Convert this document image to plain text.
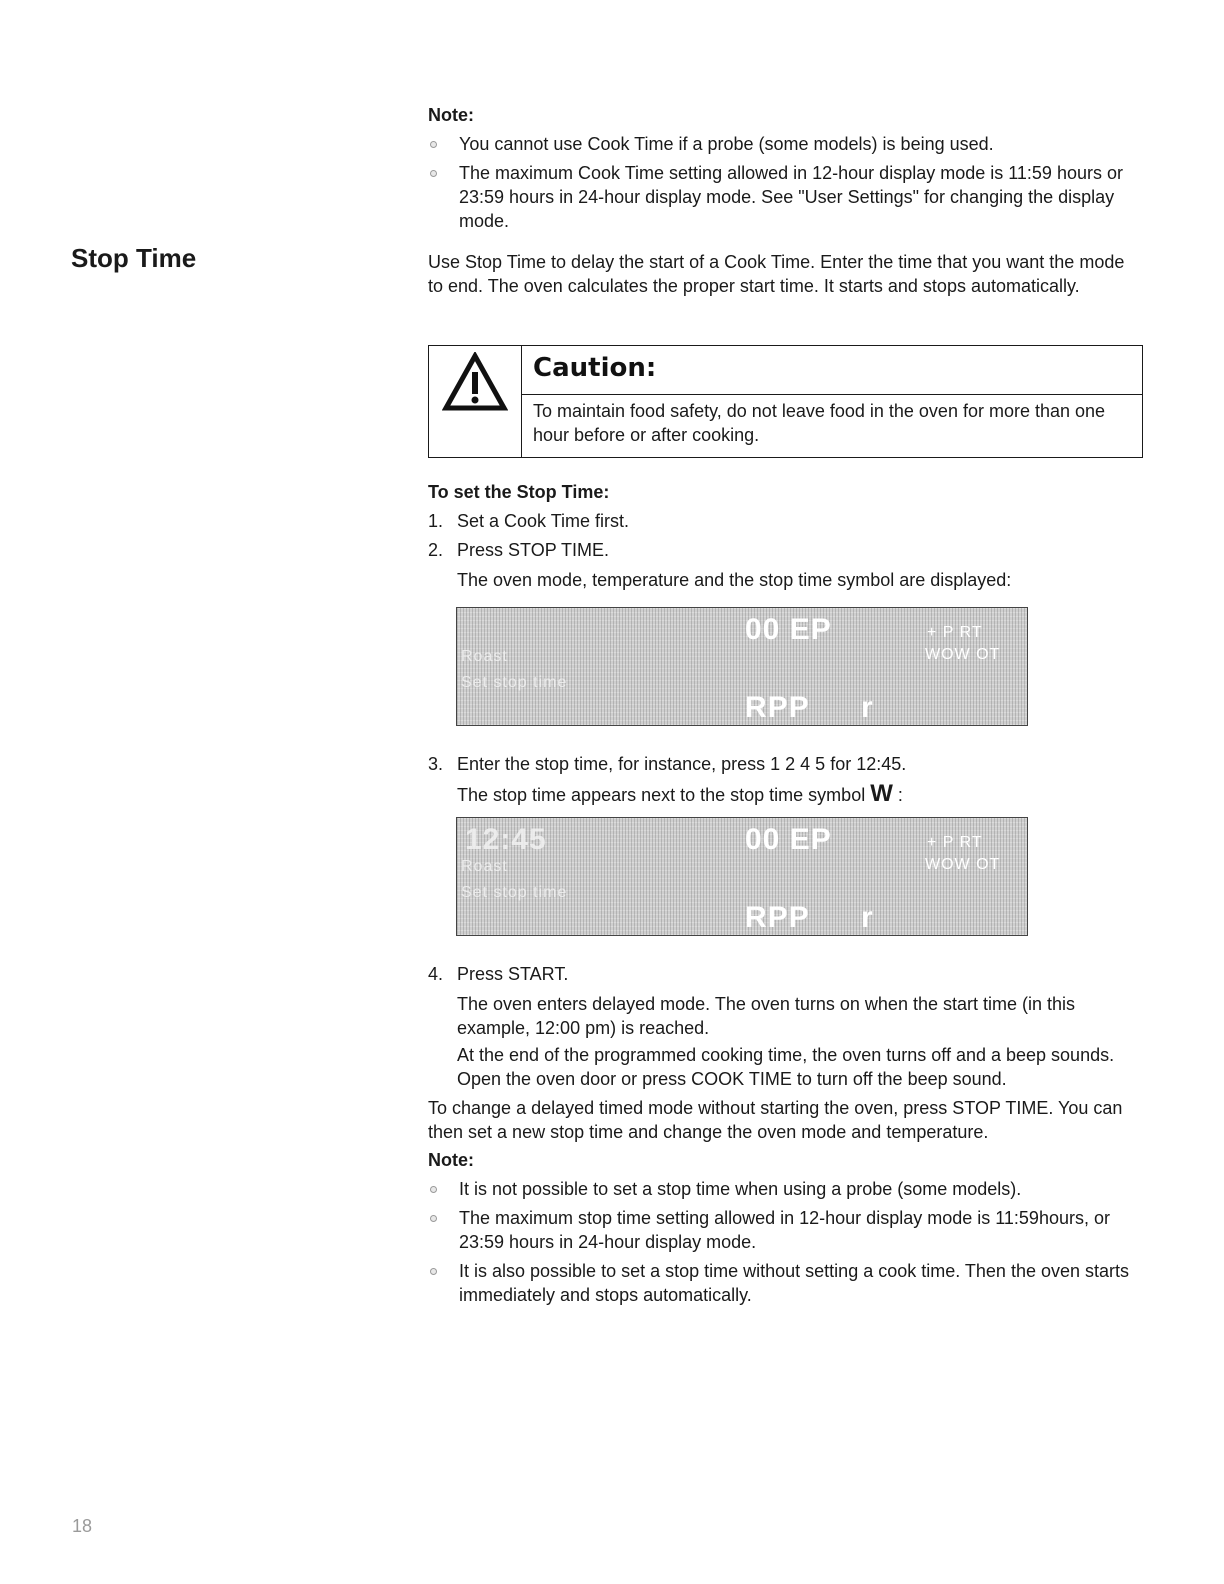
Note:

You cannot use Cook Time if a probe (some models) is being used.
The maximum Cook Time setting allowed in 12-hour display mode is 11:59 hours or 23:59 hours in 24-hour display mode. See "User Settings" for changing the display mode.
Stop Time	Use Stop Time to delay the start of a Cook Time. Enter the time that you want the mode to end. The oven calculates the proper start time. It starts and stops automatically.

Caution:
To maintain food safety, do not leave food in the oven for more than one hour before or after cooking.

To set the Stop Time:

1. Set a Cook Time first.
2. Press STOP TIME.

The oven mode, temperature and the stop time symbol are displayed:

00 EP	+ P RT
WOW OT
Roast
Set stop time
RPP r
3. Enter the stop time, for instance, press 1 2 4 5 for 12:45.

The stop time appears next to the stop time symbol W :

12:45	00 EP	+ P RT
WOW OT
Roast
Set stop time
RPP r
4. Press START.

The oven enters delayed mode. The oven turns on when the start time (in this example, 12:00 pm) is reached.

At the end of the programmed cooking time, the oven turns off and a beep sounds. Open the oven door or press COOK TIME to turn off the beep sound.

To change a delayed timed mode without starting the oven, press STOP TIME. You can then set a new stop time and change the oven mode and temperature.

Note:

It is not possible to set a stop time when using a probe (some models).
The maximum stop time setting allowed in 12-hour display mode is 11:59hours, or 23:59 hours in 24-hour display mode.
It is also possible to set a stop time without setting a cook time. Then the oven starts immediately and stops automatically.
18
